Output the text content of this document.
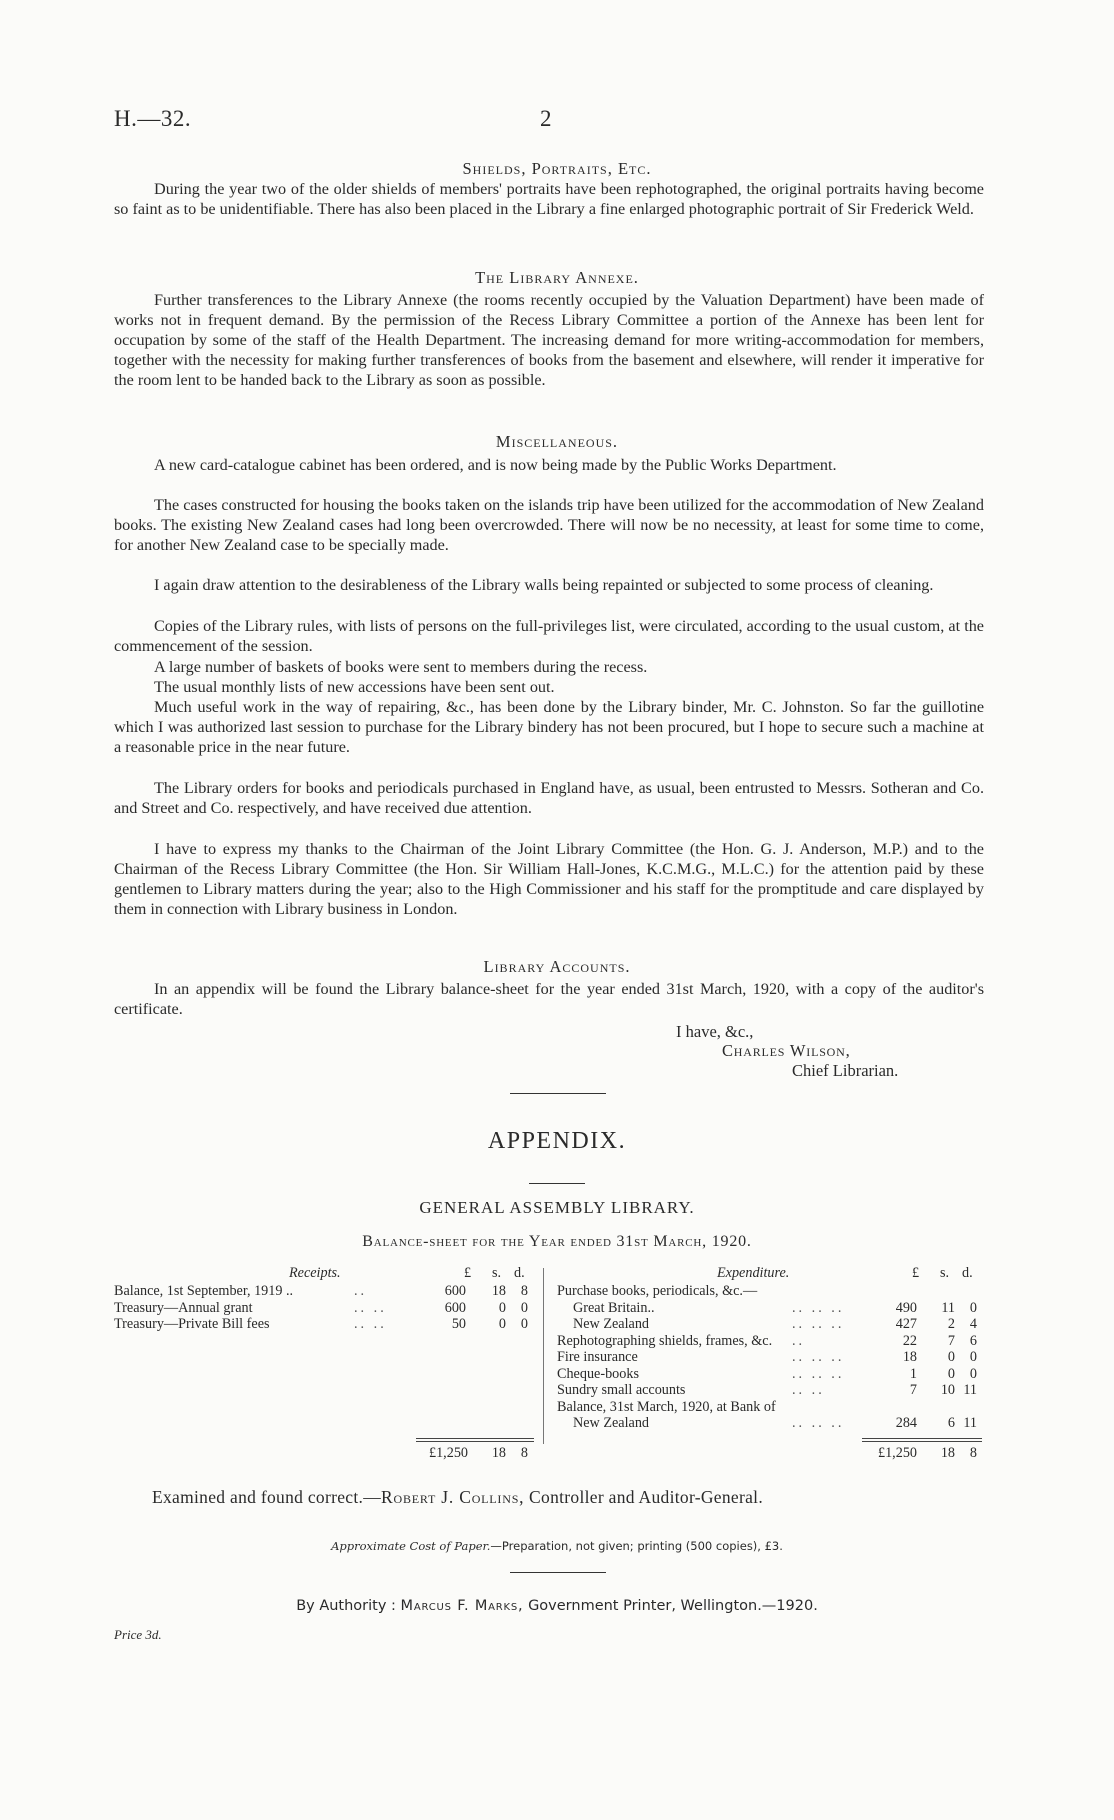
H.—32.	2
Shields, Portraits, Etc.

During the year two of the older shields of members' portraits have been rephotographed, the original portraits having become so faint as to be unidentifiable. There has also been placed in the Library a fine enlarged photographic portrait of Sir Frederick Weld.

The Library Annexe.

Further transferences to the Library Annexe (the rooms recently occupied by the Valuation Department) have been made of works not in frequent demand. By the permission of the Recess Library Committee a portion of the Annexe has been lent for occupation by some of the staff of the Health Department. The increasing demand for more writing-accommodation for members, together with the necessity for making further transferences of books from the basement and elsewhere, will render it imperative for the room lent to be handed back to the Library as soon as possible.

Miscellaneous.

A new card-catalogue cabinet has been ordered, and is now being made by the Public Works Department.

The cases constructed for housing the books taken on the islands trip have been utilized for the accommodation of New Zealand books. The existing New Zealand cases had long been overcrowded. There will now be no necessity, at least for some time to come, for another New Zealand case to be specially made.

I again draw attention to the desirableness of the Library walls being repainted or subjected to some process of cleaning.

Copies of the Library rules, with lists of persons on the full-privileges list, were circulated, according to the usual custom, at the commencement of the session.

A large number of baskets of books were sent to members during the recess.

The usual monthly lists of new accessions have been sent out.

Much useful work in the way of repairing, &c., has been done by the Library binder, Mr. C. Johnston. So far the guillotine which I was authorized last session to purchase for the Library bindery has not been procured, but I hope to secure such a machine at a reasonable price in the near future.

The Library orders for books and periodicals purchased in England have, as usual, been entrusted to Messrs. Sotheran and Co. and Street and Co. respectively, and have received due attention.

I have to express my thanks to the Chairman of the Joint Library Committee (the Hon. G. J. Anderson, M.P.) and to the Chairman of the Recess Library Committee (the Hon. Sir William Hall-Jones, K.C.M.G., M.L.C.) for the attention paid by these gentlemen to Library matters during the year; also to the High Commissioner and his staff for the promptitude and care displayed by them in connection with Library business in London.

Library Accounts.

In an appendix will be found the Library balance-sheet for the year ended 31st March, 1920, with a copy of the auditor's certificate.

I have, &c.,
Charles Wilson,
Chief Librarian.
APPENDIX.
GENERAL ASSEMBLY LIBRARY.
Balance-sheet for the Year ended 31st March, 1920.
Receipts.	£ s. d.
Balance, 1st September, 1919 ..	..	600	18	8
Treasury—Annual grant	.. ..	600	0	0
Treasury—Private Bill fees	.. ..	50	0	0
£1,250	18	8
Expenditure.	£ s. d.
Purchase books, periodicals, &c.—
Great Britain..	.. .. ..	490	11	0
New Zealand	.. .. ..	427	2	4
Rephotographing shields, frames, &c. ..	22	7	6
Fire insurance	.. .. ..	18	0	0
Cheque-books	.. .. ..	1	0	0
Sundry small accounts	.. ..	7	10 11
Balance, 31st March, 1920, at Bank of
New Zealand	.. .. ..	284	6 11
£1,250	18	8
Examined and found correct.—Robert J. Collins, Controller and Auditor-General.
Approximate Cost of Paper.—Preparation, not given; printing (500 copies), £3.
By Authority : Marcus F. Marks, Government Printer, Wellington.—1920.
Price 3d.
